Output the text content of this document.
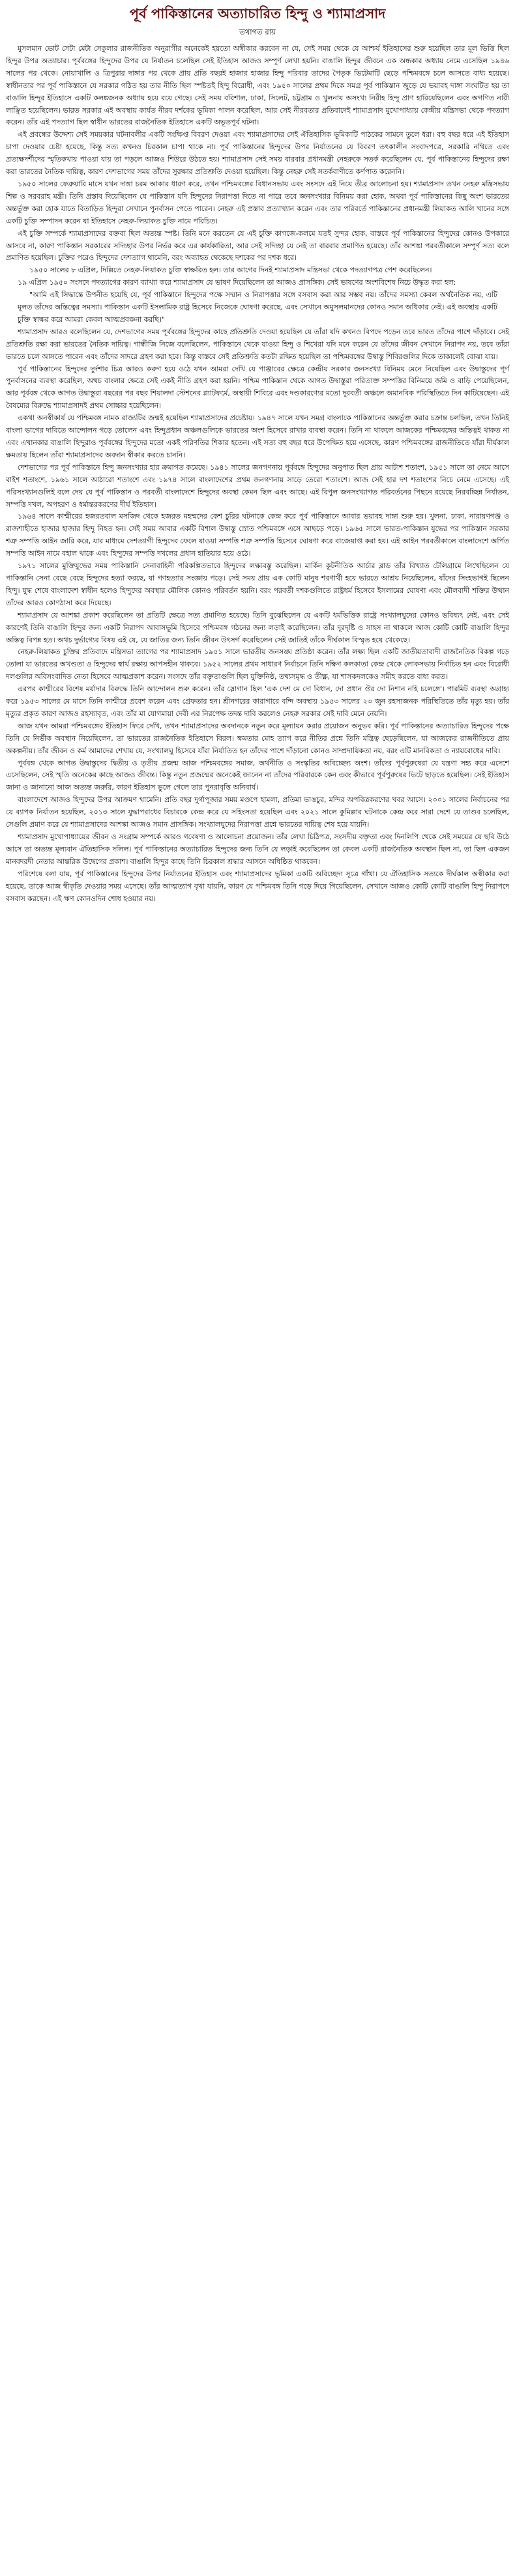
পূর্ব পাকিস্তানের অত্যাচারিত হিন্দু ও শ্যামাপ্রসাদ
তথাগত রায়

মুসলমান ভোট সেটা মেটা সেকুলার রাজনীতিক অনুরাগীর অনেকেই হয়তো অস্বীকার করবেন না যে, সেই সময় থেকে যে আশ্চর্য ইতিহাসের শুরু হয়েছিল তার মূল ভিত্তি ছিল হিন্দুর উপর অত্যাচার। পূর্ববঙ্গের হিন্দুদের উপর যে নির্যাতন চলেছিল সেই ইতিহাস আজও সম্পূর্ণ লেখা হয়নি। বাঙালি হিন্দুর জীবনে এক অন্ধকার অধ্যায় নেমে এসেছিল ১৯৪৬ সালের পর থেকে। নোয়াখালি ও ত্রিপুরার দাঙ্গার পর থেকে প্রায় প্রতি বছরই হাজার হাজার হিন্দু পরিবার তাদের পৈতৃক ভিটেমাটি ছেড়ে পশ্চিমবঙ্গে চলে আসতে বাধ্য হয়েছে। স্বাধীনতার পর পূর্ব পাকিস্তানে যে সরকার গঠিত হয় তার নীতি ছিল স্পষ্টতই হিন্দু বিরোধী, এবং ১৯৫০ সালের প্রথম দিকে সমগ্র পূর্ব পাকিস্তান জুড়ে যে ভয়াবহ দাঙ্গা সংঘটিত হয় তা বাঙালি হিন্দুর ইতিহাসে একটি কলঙ্কজনক অধ্যায় হয়ে রয়ে গেছে। সেই সময় বরিশাল, ঢাকা, সিলেট, চট্টগ্রাম ও খুলনায় অসংখ্য নিরীহ হিন্দু প্রাণ হারিয়েছিলেন এবং অগণিত নারী লাঞ্ছিত হয়েছিলেন। ভারত সরকার এই অবস্থায় কার্যত নীরব দর্শকের ভূমিকা পালন করেছিল, আর সেই নীরবতার প্রতিবাদেই শ্যামাপ্রসাদ মুখোপাধ্যায় কেন্দ্রীয় মন্ত্রিসভা থেকে পদত্যাগ করেন। তাঁর এই পদত্যাগ ছিল স্বাধীন ভারতের রাজনৈতিক ইতিহাসে একটি অভূতপূর্ব ঘটনা।

এই প্রবন্ধের উদ্দেশ্য সেই সময়কার ঘটনাবলীর একটি সংক্ষিপ্ত বিবরণ দেওয়া এবং শ্যামাপ্রসাদের সেই ঐতিহাসিক ভূমিকাটি পাঠকের সামনে তুলে ধরা। বহু বছর ধরে এই ইতিহাস চাপা দেওয়ার চেষ্টা হয়েছে, কিন্তু সত্য কখনও চিরকাল চাপা থাকে না। পূর্ব পাকিস্তানের হিন্দুদের উপর নির্যাতনের যে বিবরণ তৎকালীন সংবাদপত্রে, সরকারি নথিতে এবং প্রত্যক্ষদর্শীদের স্মৃতিকথায় পাওয়া যায় তা পড়লে আজও শিউরে উঠতে হয়। শ্যামাপ্রসাদ সেই সময় বারবার প্রধানমন্ত্রী নেহরুকে সতর্ক করেছিলেন যে, পূর্ব পাকিস্তানের হিন্দুদের রক্ষা করা ভারতের নৈতিক দায়িত্ব, কারণ দেশভাগের সময় তাঁদের সুরক্ষার প্রতিশ্রুতি দেওয়া হয়েছিল। কিন্তু নেহরু সেই সতর্কবাণীতে কর্ণপাত করেননি।

১৯৫০ সালের ফেব্রুয়ারি মাসে যখন দাঙ্গা চরম আকার ধারণ করে, তখন পশ্চিমবঙ্গের বিধানসভায় এবং সংসদে এই নিয়ে তীব্র আলোচনা হয়। শ্যামাপ্রসাদ তখন নেহরু মন্ত্রিসভায় শিল্প ও সরবরাহ মন্ত্রী। তিনি প্রস্তাব দিয়েছিলেন যে পাকিস্তান যদি হিন্দুদের নিরাপত্তা দিতে না পারে তবে জনসংখ্যার বিনিময় করা হোক, অথবা পূর্ব পাকিস্তানের কিছু অংশ ভারতের অন্তর্ভুক্ত করা হোক যাতে বিতাড়িত হিন্দুরা সেখানে পুনর্বাসন পেতে পারেন। নেহরু এই প্রস্তাব প্রত্যাখ্যান করেন এবং তার পরিবর্তে পাকিস্তানের প্রধানমন্ত্রী লিয়াকত আলি খানের সঙ্গে একটি চুক্তি সম্পাদন করেন যা ইতিহাসে নেহরু-লিয়াকত চুক্তি নামে পরিচিত।

এই চুক্তি সম্পর্কে শ্যামাপ্রসাদের বক্তব্য ছিল অত্যন্ত স্পষ্ট। তিনি মনে করতেন যে এই চুক্তি কাগজে-কলমে যতই সুন্দর হোক, বাস্তবে পূর্ব পাকিস্তানের হিন্দুদের কোনও উপকারে আসবে না, কারণ পাকিস্তান সরকারের সদিচ্ছার উপর নির্ভর করে এর কার্যকারিতা, আর সেই সদিচ্ছা যে নেই তা বারবার প্রমাণিত হয়েছে। তাঁর আশঙ্কা পরবর্তীকালে সম্পূর্ণ সত্য বলে প্রমাণিত হয়েছিল। চুক্তির পরেও হিন্দুদের দেশত্যাগ থামেনি, বরং অব্যাহত থেকেছে দশকের পর দশক ধরে।

১৯৫০ সালের ৮ এপ্রিল, দিল্লিতে নেহরু-লিয়াকত চুক্তি স্বাক্ষরিত হল। তার আগের দিনই শ্যামাপ্রসাদ মন্ত্রিসভা থেকে পদত্যাগপত্র পেশ করেছিলেন।

১৯ এপ্রিল ১৯৫০ সংসদে পদত্যাগের কারণ ব্যাখ্যা করে শ্যামাপ্রসাদ যে ভাষণ দিয়েছিলেন তা আজও প্রাসঙ্গিক। সেই ভাষণের অংশবিশেষ নিচে উদ্ধৃত করা হল:

"আমি এই সিদ্ধান্তে উপনীত হয়েছি যে, পূর্ব পাকিস্তানে হিন্দুদের পক্ষে সম্মান ও নিরাপত্তার সঙ্গে বসবাস করা আর সম্ভব নয়। তাঁদের সমস্যা কেবল অর্থনৈতিক নয়, এটি মূলত তাঁদের অস্তিত্বের সমস্যা। পাকিস্তান একটি ইসলামিক রাষ্ট্র হিসেবে নিজেকে ঘোষণা করেছে, এবং সেখানে অমুসলমানদের কোনও সমান অধিকার নেই। এই অবস্থায় একটি চুক্তি স্বাক্ষর করে আমরা কেবল আত্মপ্রবঞ্চনা করছি।"

শ্যামাপ্রসাদ আরও বলেছিলেন যে, দেশভাগের সময় পূর্ববঙ্গের হিন্দুদের কাছে প্রতিশ্রুতি দেওয়া হয়েছিল যে তাঁরা যদি কখনও বিপদে পড়েন তবে ভারত তাঁদের পাশে দাঁড়াবে। সেই প্রতিশ্রুতি রক্ষা করা ভারতের নৈতিক দায়িত্ব। গান্ধীজি নিজে বলেছিলেন, পাকিস্তানে থেকে যাওয়া হিন্দু ও শিখেরা যদি মনে করেন যে তাঁদের জীবন সেখানে নিরাপদ নয়, তবে তাঁরা ভারতে চলে আসতে পারেন এবং তাঁদের সাদরে গ্রহণ করা হবে। কিন্তু বাস্তবে সেই প্রতিশ্রুতি কতটা রক্ষিত হয়েছিল তা পশ্চিমবঙ্গের উদ্বাস্তু শিবিরগুলির দিকে তাকালেই বোঝা যায়।

পূর্ব পাকিস্তানের হিন্দুদের দুর্দশার চিত্র আরও করুণ হয়ে ওঠে যখন আমরা দেখি যে পাঞ্জাবের ক্ষেত্রে কেন্দ্রীয় সরকার জনসংখ্যা বিনিময় মেনে নিয়েছিল এবং উদ্বাস্তুদের পূর্ণ পুনর্বাসনের ব্যবস্থা করেছিল, অথচ বাংলার ক্ষেত্রে সেই একই নীতি গ্রহণ করা হয়নি। পশ্চিম পাকিস্তান থেকে আগত উদ্বাস্তুরা পরিত্যক্ত সম্পত্তির বিনিময়ে জমি ও বাড়ি পেয়েছিলেন, আর পূর্ববঙ্গ থেকে আগত উদ্বাস্তুরা বছরের পর বছর শিয়ালদা স্টেশনের প্ল্যাটফর্মে, অস্থায়ী শিবিরে এবং দণ্ডকারণ্যের মতো দূরবর্তী অঞ্চলে অমানবিক পরিস্থিতিতে দিন কাটিয়েছেন। এই বৈষম্যের বিরুদ্ধে শ্যামাপ্রসাদই প্রথম সোচ্চার হয়েছিলেন।

একথা অনস্বীকার্য যে পশ্চিমবঙ্গ নামক রাজ্যটির জন্মই হয়েছিল শ্যামাপ্রসাদের প্রচেষ্টায়। ১৯৪৭ সালে যখন সমগ্র বাংলাকে পাকিস্তানের অন্তর্ভুক্ত করার চক্রান্ত চলছিল, তখন তিনিই বাংলা ভাগের দাবিতে আন্দোলন গড়ে তোলেন এবং হিন্দুপ্রধান অঞ্চলগুলিকে ভারতের অংশ হিসেবে রাখার ব্যবস্থা করেন। তিনি না থাকলে আজকের পশ্চিমবঙ্গের অস্তিত্বই থাকত না এবং এখানকার বাঙালি হিন্দুরাও পূর্ববঙ্গের হিন্দুদের মতো একই পরিণতির শিকার হতেন। এই সত্য বহু বছর ধরে উপেক্ষিত হয়ে এসেছে, কারণ পশ্চিমবঙ্গের রাজনীতিতে যাঁরা দীর্ঘকাল ক্ষমতায় ছিলেন তাঁরা শ্যামাপ্রসাদের অবদান স্বীকার করতে চাননি।

দেশভাগের পর পূর্ব পাকিস্তানে হিন্দু জনসংখ্যার হার ক্রমাগত কমেছে। ১৯৪১ সালের জনগণনায় পূর্ববঙ্গে হিন্দুদের অনুপাত ছিল প্রায় আটাশ শতাংশ, ১৯৫১ সালে তা নেমে আসে বাইশ শতাংশে, ১৯৬১ সালে আঠারো শতাংশে এবং ১৯৭৪ সালে বাংলাদেশের প্রথম জনগণনায় সাড়ে তেরো শতাংশে। আজ সেই হার দশ শতাংশের নিচে নেমে এসেছে। এই পরিসংখ্যানগুলিই বলে দেয় যে পূর্ব পাকিস্তান ও পরবর্তী বাংলাদেশে হিন্দুদের অবস্থা কেমন ছিল এবং আছে। এই বিপুল জনসংখ্যাগত পরিবর্তনের পিছনে রয়েছে নিরবচ্ছিন্ন নির্যাতন, সম্পত্তি দখল, অপহরণ ও ধর্মান্তরকরণের দীর্ঘ ইতিহাস।

১৯৬৪ সালে কাশ্মীরের হজরতবাল মসজিদ থেকে হজরত মহম্মদের কেশ চুরির ঘটনাকে কেন্দ্র করে পূর্ব পাকিস্তানে আবার ভয়াবহ দাঙ্গা শুরু হয়। খুলনা, ঢাকা, নারায়ণগঞ্জ ও রাজশাহীতে হাজার হাজার হিন্দু নিহত হন। সেই সময় আবার একটি বিশাল উদ্বাস্তু স্রোত পশ্চিমবঙ্গে এসে আছড়ে পড়ে। ১৯৬৫ সালে ভারত-পাকিস্তান যুদ্ধের পর পাকিস্তান সরকার শত্রু সম্পত্তি আইন জারি করে, যার মাধ্যমে দেশত্যাগী হিন্দুদের ফেলে যাওয়া সম্পত্তি শত্রু সম্পত্তি হিসেবে ঘোষণা করে বাজেয়াপ্ত করা হয়। এই আইন পরবর্তীকালে বাংলাদেশে অর্পিত সম্পত্তি আইন নামে বহাল থাকে এবং হিন্দুদের সম্পত্তি দখলের প্রধান হাতিয়ার হয়ে ওঠে।

১৯৭১ সালের মুক্তিযুদ্ধের সময় পাকিস্তানি সেনাবাহিনী পরিকল্পিতভাবে হিন্দুদের লক্ষ্যবস্তু করেছিল। মার্কিন কূটনীতিক আর্চার ব্লাড তাঁর বিখ্যাত টেলিগ্রামে লিখেছিলেন যে পাকিস্তানি সেনা বেছে বেছে হিন্দুদের হত্যা করছে, যা গণহত্যার সংজ্ঞায় পড়ে। সেই সময় প্রায় এক কোটি মানুষ শরণার্থী হয়ে ভারতে আশ্রয় নিয়েছিলেন, যাঁদের সিংহভাগই ছিলেন হিন্দু। যুদ্ধ শেষে বাংলাদেশ স্বাধীন হলেও হিন্দুদের অবস্থার মৌলিক কোনও পরিবর্তন হয়নি। বরং পরবর্তী দশকগুলিতে রাষ্ট্রধর্ম হিসেবে ইসলামের ঘোষণা এবং মৌলবাদী শক্তির উত্থান তাঁদের আরও কোণঠাসা করে দিয়েছে।

শ্যামাপ্রসাদ যে আশঙ্কা প্রকাশ করেছিলেন তা প্রতিটি ক্ষেত্রে সত্য প্রমাণিত হয়েছে। তিনি বুঝেছিলেন যে একটি ধর্মভিত্তিক রাষ্ট্রে সংখ্যালঘুদের কোনও ভবিষ্যৎ নেই, এবং সেই কারণেই তিনি বাঙালি হিন্দুর জন্য একটি নিরাপদ আবাসভূমি হিসেবে পশ্চিমবঙ্গ গঠনের জন্য লড়াই করেছিলেন। তাঁর দূরদৃষ্টি ও সাহস না থাকলে আজ কোটি কোটি বাঙালি হিন্দুর অস্তিত্ব বিপন্ন হত। অথচ দুর্ভাগ্যের বিষয় এই যে, যে জাতির জন্য তিনি জীবন উৎসর্গ করেছিলেন সেই জাতিই তাঁকে দীর্ঘকাল বিস্মৃত হয়ে থেকেছে।

নেহরু-লিয়াকত চুক্তির প্রতিবাদে মন্ত্রিসভা ত্যাগের পর শ্যামাপ্রসাদ ১৯৫১ সালে ভারতীয় জনসঙ্ঘ প্রতিষ্ঠা করেন। তাঁর লক্ষ্য ছিল একটি জাতীয়তাবাদী রাজনৈতিক বিকল্প গড়ে তোলা যা ভারতের অখণ্ডতা ও হিন্দুদের স্বার্থ রক্ষায় আপসহীন থাকবে। ১৯৫২ সালের প্রথম সাধারণ নির্বাচনে তিনি দক্ষিণ কলকাতা কেন্দ্র থেকে লোকসভায় নির্বাচিত হন এবং বিরোধী দলগুলির অবিসংবাদিত নেতা হিসেবে আত্মপ্রকাশ করেন। সংসদে তাঁর বক্তৃতাগুলি ছিল যুক্তিনিষ্ঠ, তথ্যসমৃদ্ধ ও তীক্ষ্ণ, যা শাসকদলকেও সমীহ করতে বাধ্য করত।

এরপর কাশ্মীরের বিশেষ মর্যাদার বিরুদ্ধে তিনি আন্দোলন শুরু করেন। তাঁর স্লোগান ছিল 'এক দেশ মে দো বিধান, দো প্রধান ঔর দো নিশান নহি চলেঙ্গে'। পারমিট ব্যবস্থা অগ্রাহ্য করে ১৯৫৩ সালের মে মাসে তিনি কাশ্মীরে প্রবেশ করেন এবং গ্রেফতার হন। শ্রীনগরের কারাগারে বন্দি অবস্থায় ১৯৫৩ সালের ২৩ জুন রহস্যজনক পরিস্থিতিতে তাঁর মৃত্যু হয়। তাঁর মৃত্যুর প্রকৃত কারণ আজও রহস্যাবৃত, এবং তাঁর মা যোগমায়া দেবী এর নিরপেক্ষ তদন্ত দাবি করলেও নেহরু সরকার সেই দাবি মেনে নেয়নি।

আজ যখন আমরা পশ্চিমবঙ্গের ইতিহাস ফিরে দেখি, তখন শ্যামাপ্রসাদের অবদানকে নতুন করে মূল্যায়ন করার প্রয়োজন অনুভব করি। পূর্ব পাকিস্তানের অত্যাচারিত হিন্দুদের পক্ষে তিনি যে নির্ভীক অবস্থান নিয়েছিলেন, তা ভারতের রাজনৈতিক ইতিহাসে বিরল। ক্ষমতার মোহ ত্যাগ করে নীতির প্রশ্নে তিনি মন্ত্রিত্ব ছেড়েছিলেন, যা আজকের রাজনীতিতে প্রায় অকল্পনীয়। তাঁর জীবন ও কর্ম আমাদের শেখায় যে, সংখ্যালঘু হিসেবে যাঁরা নির্যাতিত হন তাঁদের পাশে দাঁড়ানো কোনও সাম্প্রদায়িকতা নয়, বরং এটি মানবিকতা ও ন্যায়বোধের দাবি।

পূর্ববঙ্গ থেকে আগত উদ্বাস্তুদের দ্বিতীয় ও তৃতীয় প্রজন্ম আজ পশ্চিমবঙ্গের সমাজ, অর্থনীতি ও সংস্কৃতির অবিচ্ছেদ্য অংশ। তাঁদের পূর্বপুরুষেরা যে যন্ত্রণা সহ্য করে এদেশে এসেছিলেন, সেই স্মৃতি অনেকের কাছে আজও জীবন্ত। কিন্তু নতুন প্রজন্মের অনেকেই জানেন না তাঁদের পরিবারকে কেন এবং কীভাবে পূর্বপুরুষের ভিটে ছাড়তে হয়েছিল। সেই ইতিহাস জানা ও জানানো আজ অত্যন্ত জরুরি, কারণ ইতিহাস ভুলে গেলে তার পুনরাবৃত্তি অনিবার্য।

বাংলাদেশে আজও হিন্দুদের উপর আক্রমণ থামেনি। প্রতি বছর দুর্গাপূজার সময় মণ্ডপে হামলা, প্রতিমা ভাঙচুর, মন্দির অপবিত্রকরণের খবর আসে। ২০০১ সালের নির্বাচনের পর যে ব্যাপক নির্যাতন হয়েছিল, ২০১৩ সালে যুদ্ধাপরাধের বিচারকে কেন্দ্র করে যে সহিংসতা হয়েছিল এবং ২০২১ সালে কুমিল্লার ঘটনাকে কেন্দ্র করে সারা দেশে যে তাণ্ডব চলেছিল, সেগুলি প্রমাণ করে যে শ্যামাপ্রসাদের আশঙ্কা আজও সমান প্রাসঙ্গিক। সংখ্যালঘুদের নিরাপত্তা প্রশ্নে ভারতের দায়িত্ব শেষ হয়ে যায়নি।

শ্যামাপ্রসাদ মুখোপাধ্যায়ের জীবন ও সংগ্রাম সম্পর্কে আরও গবেষণা ও আলোচনা প্রয়োজন। তাঁর লেখা চিঠিপত্র, সংসদীয় বক্তৃতা এবং দিনলিপি থেকে সেই সময়ের যে ছবি উঠে আসে তা অত্যন্ত মূল্যবান ঐতিহাসিক দলিল। পূর্ব পাকিস্তানের অত্যাচারিত হিন্দুদের জন্য তিনি যে লড়াই করেছিলেন তা কেবল একটি রাজনৈতিক অবস্থান ছিল না, তা ছিল একজন মানবদরদী নেতার আন্তরিক উদ্বেগের প্রকাশ। বাঙালি হিন্দুর কাছে তিনি চিরকাল শ্রদ্ধার আসনে অধিষ্ঠিত থাকবেন।

পরিশেষে বলা যায়, পূর্ব পাকিস্তানের হিন্দুদের উপর নির্যাতনের ইতিহাস এবং শ্যামাপ্রসাদের ভূমিকা একটি অবিচ্ছেদ্য সূত্রে গাঁথা। যে ঐতিহাসিক সত্যকে দীর্ঘকাল অস্বীকার করা হয়েছে, তাকে আজ স্বীকৃতি দেওয়ার সময় এসেছে। তাঁর আত্মত্যাগ বৃথা যায়নি, কারণ যে পশ্চিমবঙ্গ তিনি গড়ে দিয়ে গিয়েছিলেন, সেখানে আজও কোটি কোটি বাঙালি হিন্দু নিরাপদে বসবাস করছেন। এই ঋণ কোনওদিন শোধ হওয়ার নয়।
